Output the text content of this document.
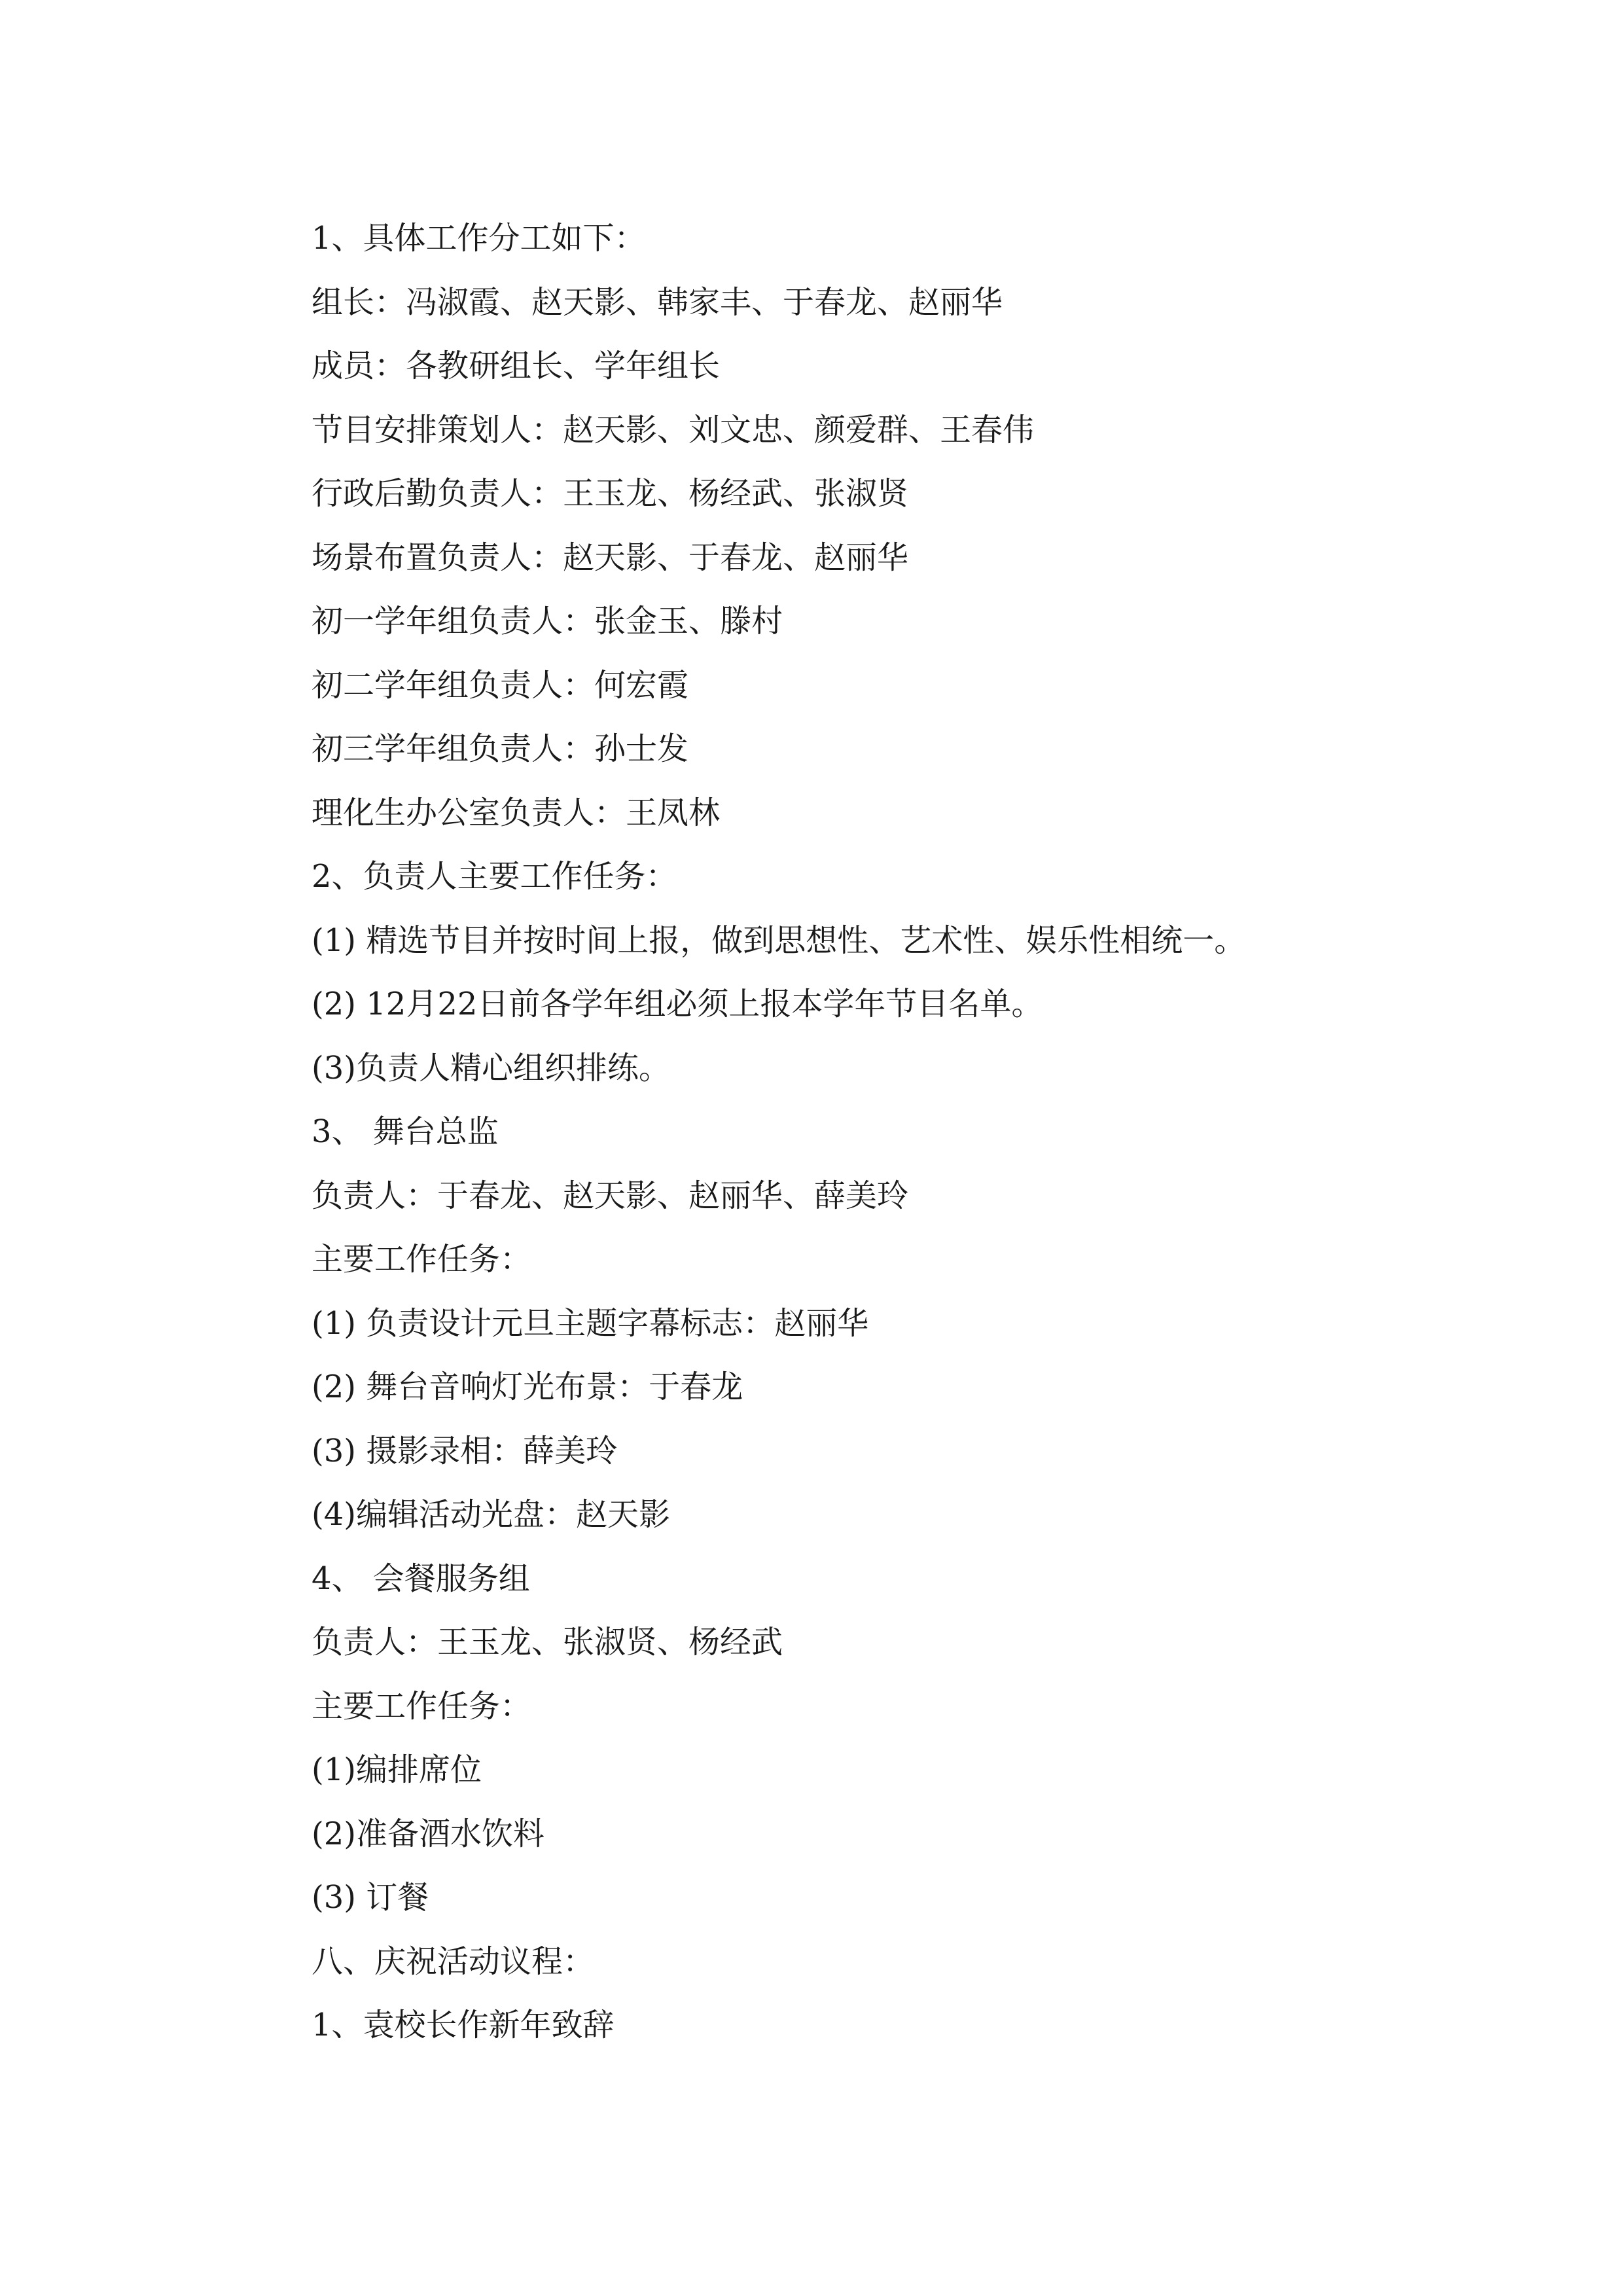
1、具体工作分工如下：

组长：冯淑霞、赵天影、韩家丰、于春龙、赵丽华

成员：各教研组长、学年组长

节目安排策划人：赵天影、刘文忠、颜爱群、王春伟

行政后勤负责人：王玉龙、杨经武、张淑贤

场景布置负责人：赵天影、于春龙、赵丽华

初一学年组负责人：张金玉、滕村

初二学年组负责人：何宏霞

初三学年组负责人：孙士发

理化生办公室负责人：王凤林

2、负责人主要工作任务：

(1) 精选节目并按时间上报，做到思想性、艺术性、娱乐性相统一。

(2) 12月22日前各学年组必须上报本学年节目名单。

(3)负责人精心组织排练。

3、 舞台总监

负责人：于春龙、赵天影、赵丽华、薛美玲

主要工作任务：

(1) 负责设计元旦主题字幕标志：赵丽华

(2) 舞台音响灯光布景：于春龙

(3) 摄影录相：薛美玲

(4)编辑活动光盘：赵天影

4、 会餐服务组

负责人：王玉龙、张淑贤、杨经武

主要工作任务：

(1)编排席位

(2)准备酒水饮料

(3) 订餐

八、庆祝活动议程：

1、袁校长作新年致辞
